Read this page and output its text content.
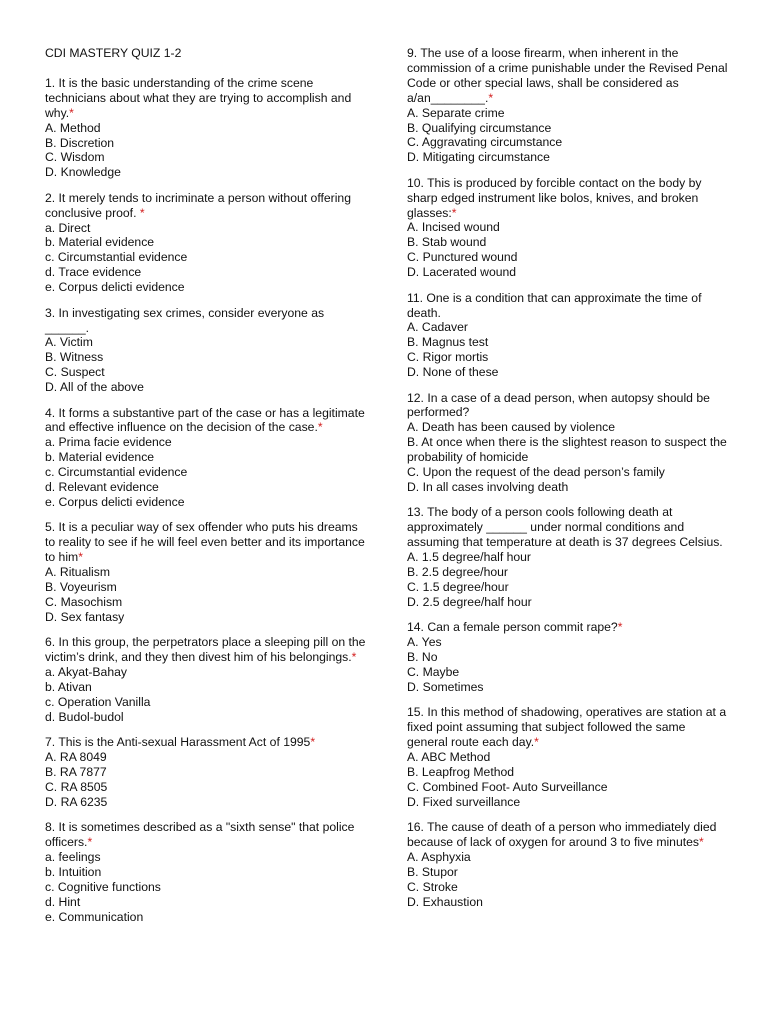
CDI MASTERY QUIZ 1-2
1. It is the basic understanding of the crime scene technicians about what they are trying to accomplish and why.*
A. Method
B. Discretion
C. Wisdom
D. Knowledge
2. It merely tends to incriminate a person without offering conclusive proof. *
a. Direct
b. Material evidence
c. Circumstantial evidence
d. Trace evidence
e. Corpus delicti evidence
3. In investigating sex crimes, consider everyone as ______.
A. Victim
B. Witness
C. Suspect
D. All of the above
4. It forms a substantive part of the case or has a legitimate and effective influence on the decision of the case.*
a. Prima facie evidence
b. Material evidence
c. Circumstantial evidence
d. Relevant evidence
e. Corpus delicti evidence
5. It is a peculiar way of sex offender who puts his dreams to reality to see if he will feel even better and its importance to him*
A. Ritualism
B. Voyeurism
C. Masochism
D. Sex fantasy
6. In this group, the perpetrators place a sleeping pill on the victim’s drink, and they then divest him of his belongings.*
a. Akyat-Bahay
b. Ativan
c. Operation Vanilla
d. Budol-budol
7. This is the Anti-sexual Harassment Act of 1995*
A. RA 8049
B. RA 7877
C. RA 8505
D. RA 6235
8. It is sometimes described as a "sixth sense" that police officers.*
a. feelings
b. Intuition
c. Cognitive functions
d. Hint
e. Communication
9. The use of a loose firearm, when inherent in the commission of a crime punishable under the Revised Penal Code or other special laws, shall be considered as a/an________.*
A. Separate crime
B. Qualifying circumstance
C. Aggravating circumstance
D. Mitigating circumstance
10. This is produced by forcible contact on the body by sharp edged instrument like bolos, knives, and broken glasses:*
A. Incised wound
B. Stab wound
C. Punctured wound
D. Lacerated wound
11. One is a condition that can approximate the time of death.
A. Cadaver
B. Magnus test
C. Rigor mortis
D. None of these
12. In a case of a dead person, when autopsy should be performed?
A. Death has been caused by violence
B. At once when there is the slightest reason to suspect the probability of homicide
C. Upon the request of the dead person’s family
D. In all cases involving death
13. The body of a person cools following death at approximately ______ under normal conditions and assuming that temperature at death is 37 degrees Celsius.
A. 1.5 degree/half hour
B. 2.5 degree/hour
C. 1.5 degree/hour
D. 2.5 degree/half hour
14. Can a female person commit rape?*
A. Yes
B. No
C. Maybe
D. Sometimes
15. In this method of shadowing, operatives are station at a fixed point assuming that subject followed the same general route each day.*
A. ABC Method
B. Leapfrog Method
C. Combined Foot- Auto Surveillance
D. Fixed surveillance
16. The cause of death of a person who immediately died because of lack of oxygen for around 3 to five minutes*
A. Asphyxia
B. Stupor
C. Stroke
D. Exhaustion
